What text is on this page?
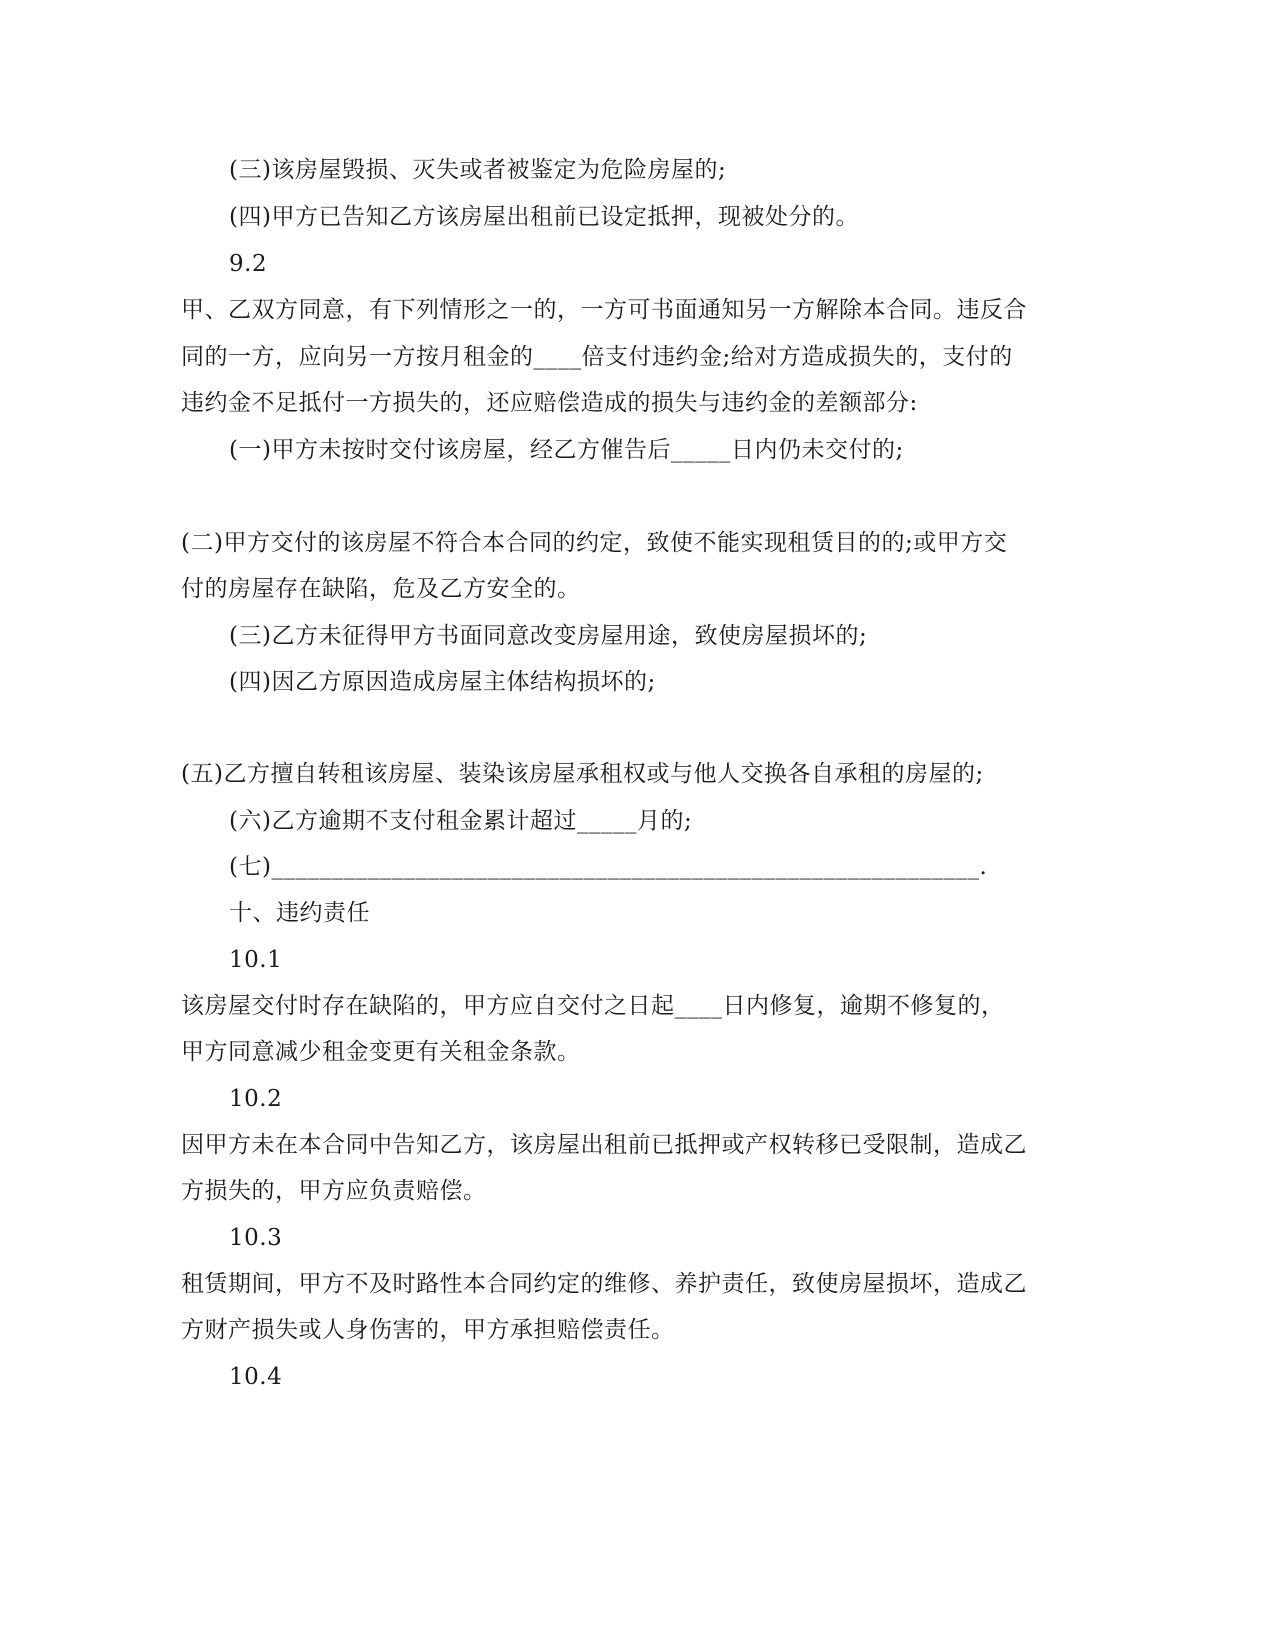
(三)该房屋毁损、灭失或者被鉴定为危险房屋的;
(四)甲方已告知乙方该房屋出租前已设定抵押，现被处分的。
9.2
甲、乙双方同意，有下列情形之一的，一方可书面通知另一方解除本合同。违反合
同的一方，应向另一方按月租金的____倍支付违约金;给对方造成损失的，支付的
违约金不足抵付一方损失的，还应赔偿造成的损失与违约金的差额部分:
(一)甲方未按时交付该房屋，经乙方催告后_____日内仍未交付的;
(二)甲方交付的该房屋不符合本合同的约定，致使不能实现租赁目的的;或甲方交
付的房屋存在缺陷，危及乙方安全的。
(三)乙方未征得甲方书面同意改变房屋用途，致使房屋损坏的;
(四)因乙方原因造成房屋主体结构损坏的;
(五)乙方擅自转租该房屋、装染该房屋承租权或与他人交换各自承租的房屋的;
(六)乙方逾期不支付租金累计超过_____月的;
(七)___________________________________________________________.
十、违约责任
10.1
该房屋交付时存在缺陷的，甲方应自交付之日起____日内修复，逾期不修复的，
甲方同意减少租金变更有关租金条款。
10.2
因甲方未在本合同中告知乙方，该房屋出租前已抵押或产权转移已受限制，造成乙
方损失的，甲方应负责赔偿。
10.3
租赁期间，甲方不及时路性本合同约定的维修、养护责任，致使房屋损坏，造成乙
方财产损失或人身伤害的，甲方承担赔偿责任。
10.4
